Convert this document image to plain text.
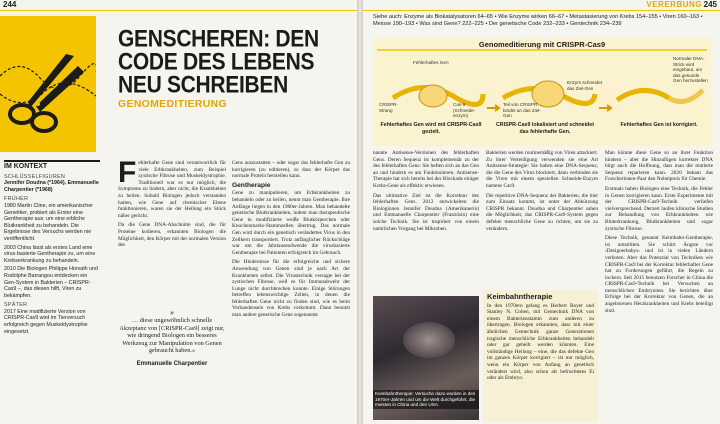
244
GENSCHEREN: DEN CODE DES LEBENS NEU SCHREIBEN
GENOMEDITIERUNG
IM KONTEXT
SCHLÜSSELFIGUREN

Jennifer Doudna (*1964), Emmanuelle Charpentier (*1968)

FRÜHER

1980 Martin Cline, ein amerikanischer Genetiker, probiert als Erster eine Gentherapie aus: um eine erbliche Blutkrankheit zu behandeln. Die Ergebnisse des Versuchs werden nie veröffentlicht.

2003 China lässt als erstes Land eine virus-basierte Gentherapie zu, um eine Krebserkrankung zu behandeln.

2010 Die Biologen Philippe Horvath und Rodolphe Barrangou entdecken ein Gen-System in Bakterien – CRISPR-Cas9 –, das diesen hilft, Viren zu bekämpfen.

SPÄTER

2017 Eine modifizierte Version von CRISPR-Cas9 wird im Tierversuch erfolgreich gegen Muskeldystrophie eingesetzt.

Fehlerhafte Gene sind verantwortlich für viele Erbkrankheiten, zum Beispiel zystische Fibrose und Muskeldystrophie. Traditionell war es nur möglich, die Symptome zu lindern, aber nicht, die Krankheiten zu heilen. Sobald Biologen jedoch verstanden hatten, wie Gene auf chemischer Ebene funktionieren, waren sie der Heilung ein Stück näher gerückt.

Da die Gene DNA-Abschnitte sind, die für Proteine kodieren, erkannten Biologen die Möglichkeit, den Körper mit der normalen Version des

»
… diese ungewöhnlich schnelle Akzeptanz von [CRISPR-Cas9] zeigt nur, wie dringend Biologen ein besseres Werkzeug zur Manipulation von Genen gebraucht haben.«
Emmanuelle Charpentier

Gens auszustatten – oder sogar das fehlerhafte Gen zu korrigieren (zu editieren), so dass der Körper das normale Protein herstellen kann.

Gentherapie

Gene zu manipulieren, um Erbkrankheiten zu behandeln oder zu heilen, nennt man Gentherapie. Ihre Anfänge liegen in den 1980er-Jahren. Man behandelte genetische Blutkrankheiten, indem man therapeutische Gene in modifizierte weiße Blutkörperchen oder Knochenmarks-Stammzellen übertrug. Das normale Gen wird durch ein genetisch verändertes Virus in den Zellkern transportiert. Trotz anfänglicher Rückschläge war um die Jahrtausendwende die virusbasierte Gentherapie bei Patienten erfolgreich im Gebrauch.

Die Hindernisse für die erfolgreiche und sichere Anwendung von Genen sind je nach Art der Krankheiten selbst. Die Virustechnik versagte bei der zystischen Fibrose, weil es für Immunabwehr der Lunge nicht durchbrechen konnte. Einige Störungen betreffen lebenswichtige Zellen, in denen die fehlerhaften Gene nicht zu finden sind, wie es beim Vorhandensein von Krebs vorkommt. Dann benutzt man andere genetische Gene sogenannte

VERERBUNG 245
Siehe auch: Enzyme als Biokatalysatoren 64–65 • Wie Enzyme wirken 66–67 • Metastasierung von Krebs 154–155 • Viren 160–163 • Meiose 190–193 • Was sind Gene? 222–225 • Der genetische Code 232–233 • Gentechnik 234–239
Genomeditierung mit CRISPR-Cas9
Fehlerhaftes Gen
CRISPR-Strang
Cas-9 (Schneide-enzym)
Teil von CRISPR bindet an das Ziel-Gen
Enzym schneidet das Ziel-Gen
Normaler DNA-Strick wird eingebaut, um das gesunde Gen herzustellen
Fehlerhaftes Gen wird mit CRISPR-Cas9 gezielt.
CRISPR-Cas9 lokalisiert und schneidet das fehlerhafte Gen.
Fehlerhaftes Gen ist korrigiert.

nannte Antisense-Versionen des fehlerhaften Gens. Deren Sequenz ist komplementär zu der des fehlerhaften Gens: Sie heften sich an das Gen an und hindern es am Funktionieren. Antisense-Therapie hat sich bereits bei der Blockade einiger Krebs-Gene als effektiv erwiesen.

Das ultimative Ziel ist die Korrektur des fehlerhaften Gens. 2012 entwickelten die Biologinnen Jennifer Doudna (Amerikanerin) und Emmanuelle Charpentier (Französin) eine solche Technik. Sie ist inspiriert von einem natürlichen Vorgang bei Mikroben.

Bakterien werden routinemäßig von Viren attackiert. Zu ihrer Verteidigung verwenden sie eine Art Antisense-Strategie: Sie haben eine DNA-Sequenz, die die Gene des Virus blockiert, dann verbinden sie die Viren mit einem speziellen Schneide-Enzym namens Cas9.

Die repetitive DNA-Sequenz der Bakterien, die hier zum Einsatz kommt, ist unter der Abkürzung CRISPR bekannt. Doudna und Charpentier sahen die Möglichkeit, das CRISPR-Cas9-System gegen defekte menschliche Gene zu richten, um sie zu verändern.

Man könnte diese Gene so an ihrer Funktion hindern – aber die Hinzufügen korrekter DNA birgt auch die Hoffnung, dass man die mutierte Sequenz reparieren kann. 2020 bekam das Forscherinnen-Paar den Nobelpreis für Chemie.

Erstmals haben Biologen eine Technik, die Fehler in Genen korrigieren kann. Erste Experimente mit der CRISPR-Cas9-Technik verliefen vielversprechend. Derzeit laufen klinische Studien zur Behandlung von Erbkrankheiten wie Bluterkrankung, Blutkrankheiten und sogar zystische Fibrose.

Diese Technik, genannt Keimbahn-Gentherapie, ist umstritten. Sie schürt Ängste vor ›Designerbabys‹ und ist in vielen Ländern verboten. Aber das Potenzial von Techniken wie CRISPR-Cas9 bei der Korrektur fehlerhafter Gene hat zu Forderungen geführt, die Regeln zu lockern. Seit 2015 benutzen Forscher in China die CRISPR-Cas9-Technik bei Versuchen an menschlichen Embryonen. Sie berichten über Erfolge bei der Korrektur von Genen, die an angeborenen Herzkrankheiten und Krebs beteiligt sind.

Keimbahntherapie: Versuche dazu wurden in den 1970er-Jahren und um die Welt durchgeführt, die meisten in China und den USA.
Keimbahntherapie

In den 1970ern gelang es Herbert Boyer und Stanley N. Cohen, mit Gentechnik DNA von einem Bakterienstamm zum anderen zu übertragen. Biologen erkannten, dass mit einer ähnlichen Gentechnik ganze Generationen tragische menschliche Erbkrankheiten behandelt oder gar geheilt werden könnten. Eine vollständige Heilung – eine, die das defekte Gen im ganzen Körper korrigiert – ist nur möglich, wenn ein Körper von Anfang an genetisch verändert wird, also schon als befruchtetes Ei oder als Embryo.
